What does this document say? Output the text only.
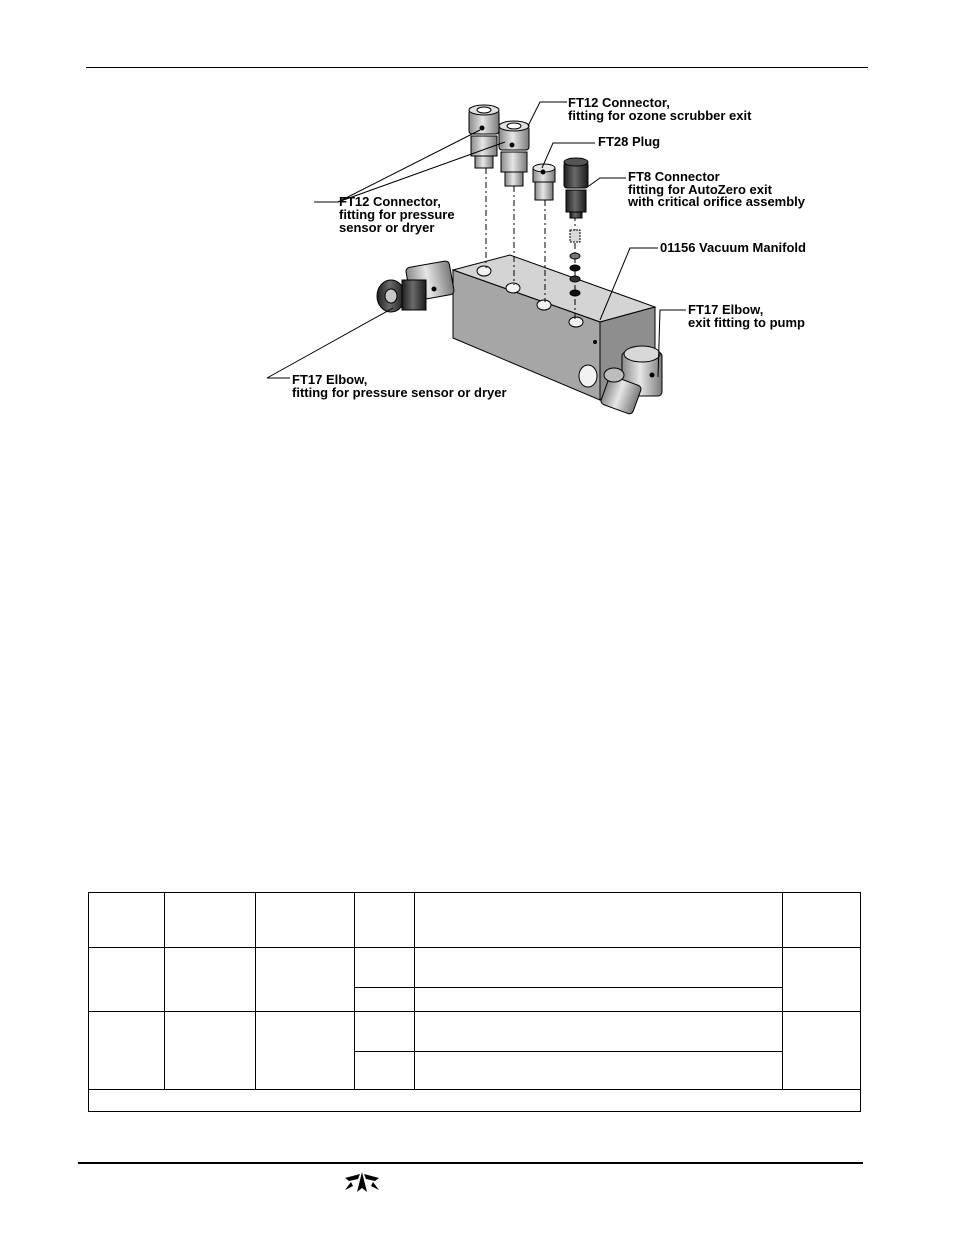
FT12 Connector,
fitting for ozone scrubber exit
FT28 Plug
FT8 Connector
fitting for AutoZero exit
with critical orifice assembly
FT12 Connector,
fitting for pressure
sensor or dryer
01156 Vacuum Manifold
FT17 Elbow,
exit fitting to pump
FT17 Elbow,
fitting for pressure sensor or dryer
